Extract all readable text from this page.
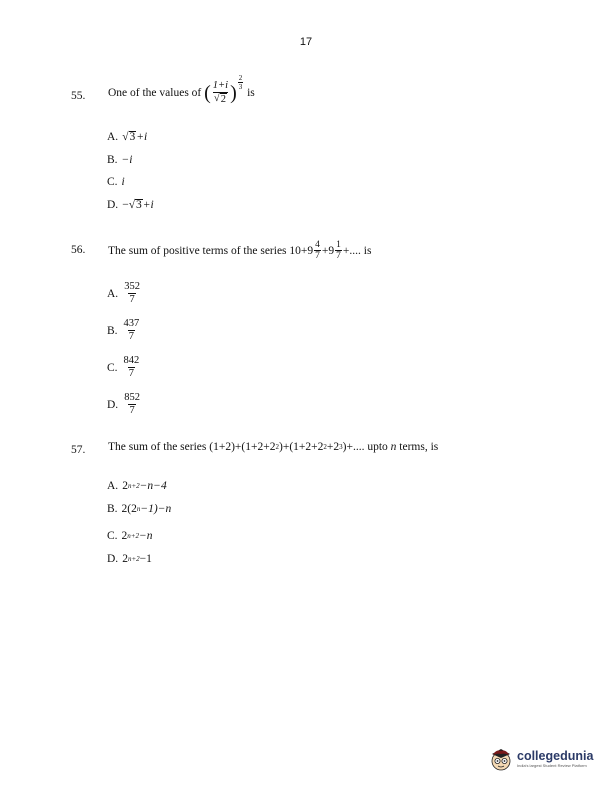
17
55.	One of the values of
( $\frac{1+i}{√ 2}$ ) $\frac{2}{3}$

is
A. √ 3 +i
B. −i
C. i
D. − √ 3 +i
56.	The sum of positive terms of the series
$10+9 \frac{4}{7} +9 \frac{1}{7}$ +.... is
A. $\frac{352}{7}$
B. $\frac{437}{7}$
C. $\frac{842}{7}$
D. $\frac{852}{7}$
57.	The sum of the series
(1+2) + (1+2+2 2 ) + (1+2+2 2 +2 3 ) +....
upto
n
terms, is
A. 2 n+2 −n−4
B. 2(2 n −1)−n
C. 2 n+2 −n
D. 2 n+2 −1
collegedunia
India's largest Student Review Platform
